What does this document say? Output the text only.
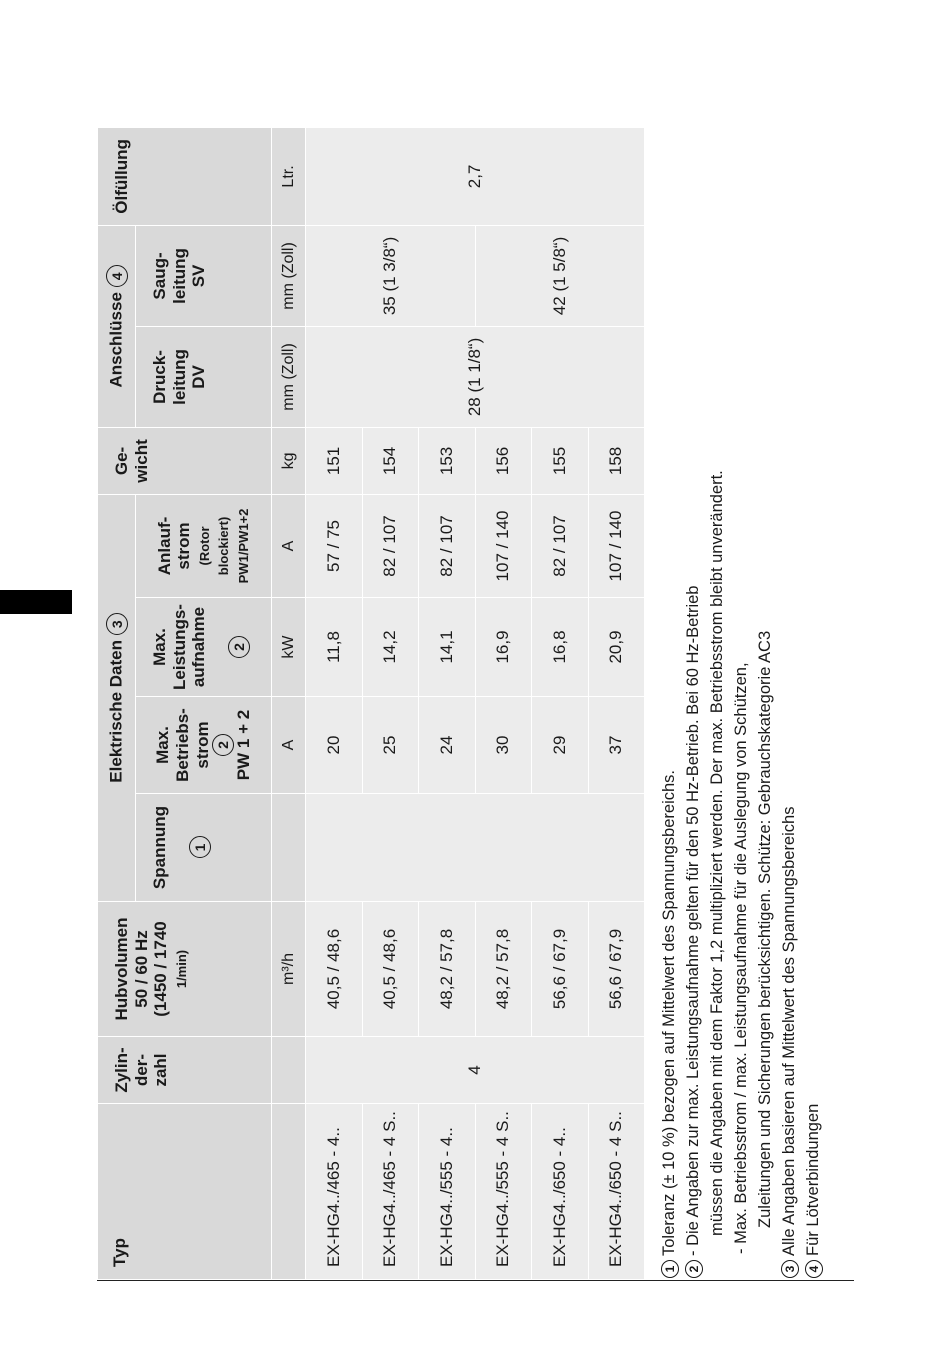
Typ	Zylin-
der-
zahl	Hubvolumen
50 / 60 Hz
(1450 / 1740 1/min)	Elektrische Daten 3				Ge-
wicht	Anschlüsse 4		Ölfüllung
			Spannung 1	Max.
Betriebs-
strom 2 PW 1 + 2	Max.
Leistungs-
aufnahme 2	Anlauf-
strom (Rotor blockiert) PW1/PW1+2		Druck-
leitung
DV	Saug-
leitung
SV	
		m³/h		A	kW	A	kg	mm (Zoll)	mm (Zoll)	Ltr.
EX-HG4../465 - 4..	4	40,5 / 48,6		20	11,8	57 / 75	151	28 (1 1/8“)	35 (1 3/8“)	2,7
EX-HG4../465 - 4 S..		40,5 / 48,6		25	14,2	82 / 107	154			
EX-HG4../555 - 4..		48,2 / 57,8		24	14,1	82 / 107	153			
EX-HG4../555 - 4 S..		48,2 / 57,8		30	16,9	107 / 140	156		42 (1 5/8“)	
EX-HG4../650 - 4..		56,6 / 67,9		29	16,8	82 / 107	155			
EX-HG4../650 - 4 S..		56,6 / 67,9		37	20,9	107 / 140	158			
1Toleranz (± 10 %) bezogen auf Mittelwert des Spannungsbereichs.
2- Die Angaben zur max. Leistungsaufnahme gelten für den 50 Hz-Betrieb. Bei 60 Hz-Betrieb müssen die Angaben mit dem Faktor 1,2 multipliziert werden. Der max. Betriebsstrom bleibt unverändert. - Max. Betriebsstrom / max. Leistungsaufnahme für die Auslegung von Schützen, Zuleitungen und Sicherungen berücksichtigen. Schütze: Gebrauchskategorie AC3
3Alle Angaben basieren auf Mittelwert des Spannungsbereichs
4Für Lötverbindungen
